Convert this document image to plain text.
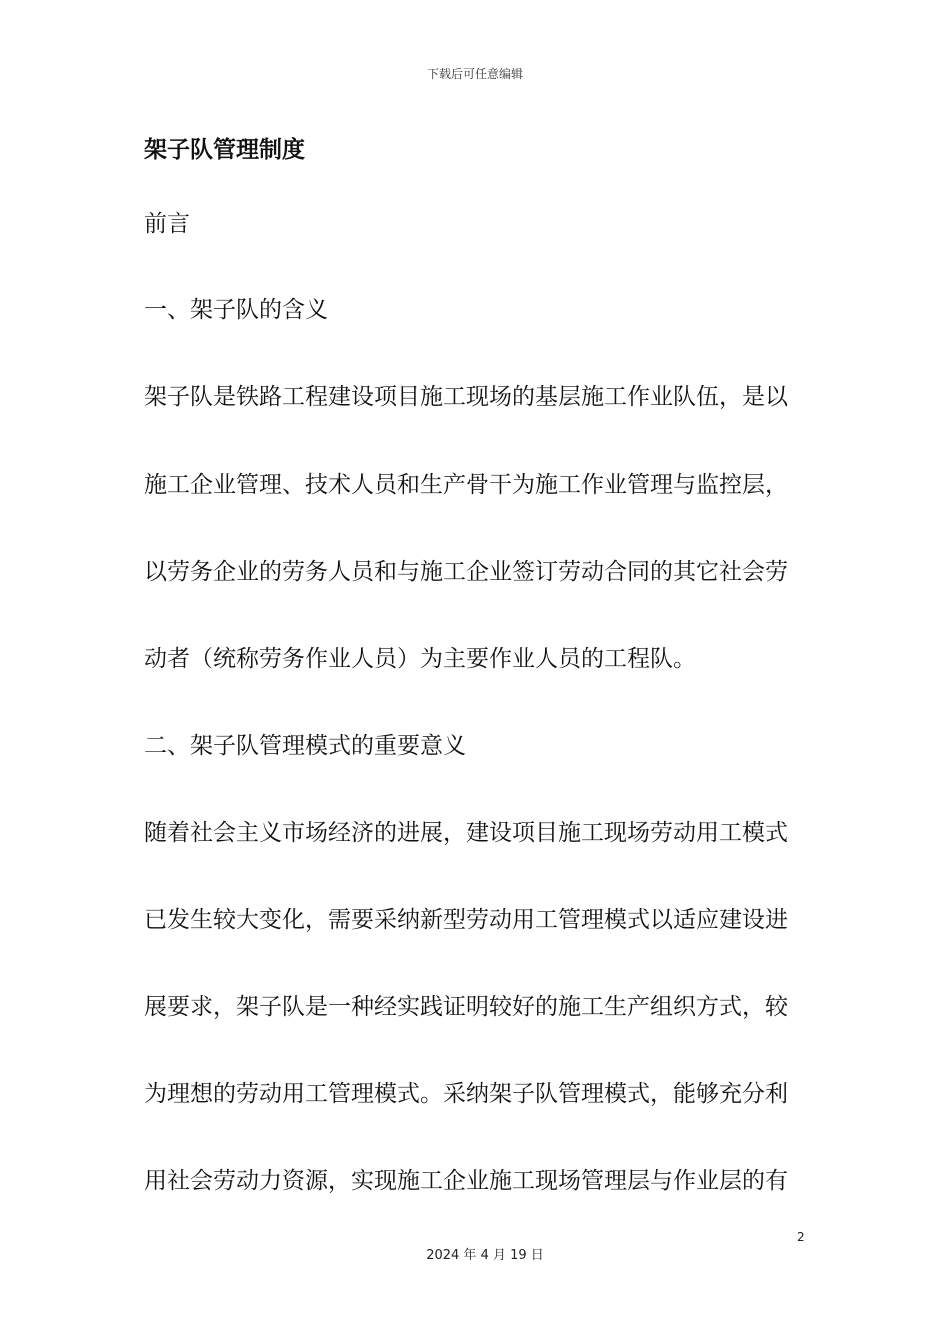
下载后可任意编辑
架子队管理制度

前言

一、架子队的含义

架子队是铁路工程建设项目施工现场的基层施工作业队伍，是以

施工企业管理、技术人员和生产骨干为施工作业管理与监控层，

以劳务企业的劳务人员和与施工企业签订劳动合同的其它社会劳

动者（统称劳务作业人员）为主要作业人员的工程队。

二、架子队管理模式的重要意义

随着社会主义市场经济的进展，建设项目施工现场劳动用工模式

已发生较大变化，需要采纳新型劳动用工管理模式以适应建设进

展要求，架子队是一种经实践证明较好的施工生产组织方式，较

为理想的劳动用工管理模式。采纳架子队管理模式，能够充分利

用社会劳动力资源，实现施工企业施工现场管理层与作业层的有

2
2024 年 4 月 19 日
